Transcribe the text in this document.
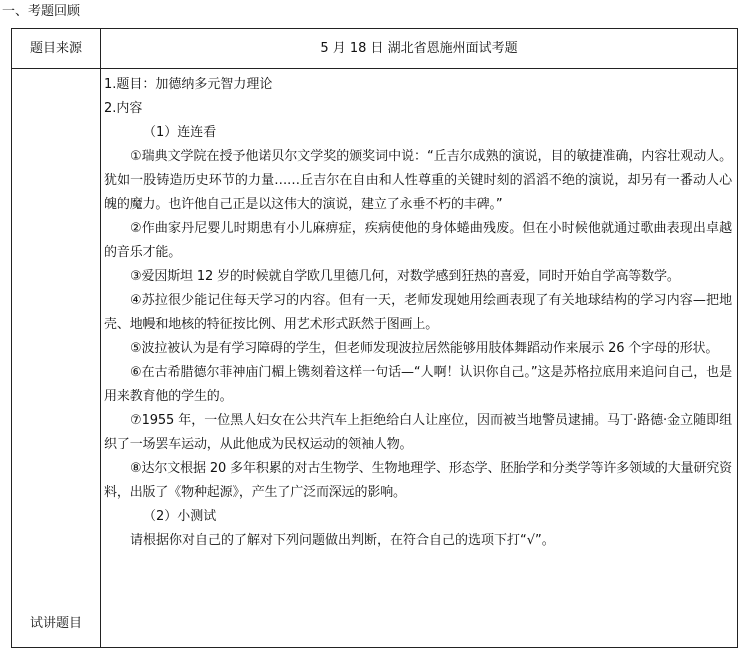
一、考题回顾
题目来源	5 月 18 日 湖北省恩施州面试考题
试讲题目

1.题目：加德纳多元智力理论

2.内容

（1）连连看

①瑞典文学院在授予他诺贝尔文学奖的颁奖词中说：“丘吉尔成熟的演说，目的敏捷准确，内容壮观动人。犹如一股铸造历史环节的力量……丘吉尔在自由和人性尊重的关键时刻的滔滔不绝的演说，却另有一番动人心魄的魔力。也许他自己正是以这伟大的演说，建立了永垂不朽的丰碑。”

②作曲家丹尼婴儿时期患有小儿麻痹症，疾病使他的身体蜷曲残废。但在小时候他就通过歌曲表现出卓越的音乐才能。

③爱因斯坦 12 岁的时候就自学欧几里德几何，对数学感到狂热的喜爱，同时开始自学高等数学。

④苏拉很少能记住每天学习的内容。但有一天，老师发现她用绘画表现了有关地球结构的学习内容—把地壳、地幔和地核的特征按比例、用艺术形式跃然于图画上。

⑤波拉被认为是有学习障碍的学生，但老师发现波拉居然能够用肢体舞蹈动作来展示 26 个字母的形状。

⑥在古希腊德尔菲神庙门楣上镌刻着这样一句话—“人啊！认识你自己。”这是苏格拉底用来追问自己，也是用来教育他的学生的。

⑦1955 年，一位黑人妇女在公共汽车上拒绝给白人让座位，因而被当地警员逮捕。马丁·路德·金立随即组织了一场罢车运动，从此他成为民权运动的领袖人物。

⑧达尔文根据 20 多年积累的对古生物学、生物地理学、形态学、胚胎学和分类学等许多领域的大量研究资料，出版了《物种起源》，产生了广泛而深远的影响。

（2）小测试

请根据你对自己的了解对下列问题做出判断，在符合自己的选项下打“√”。
